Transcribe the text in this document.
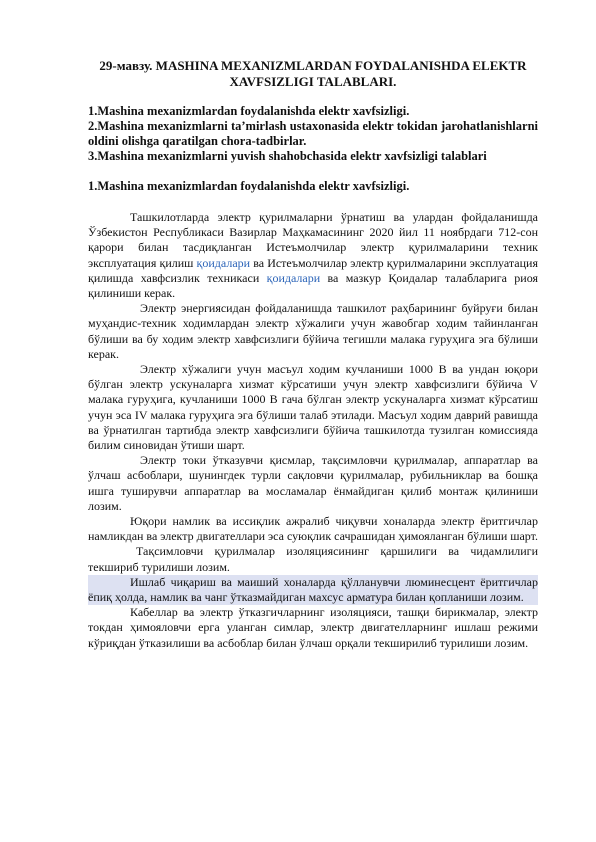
29-мавзу. MASHINA MEXANIZMLARDAN FOYDALANISHDA ELEKTR XAVFSIZLIGI TALABLARI.
1.Mashina mexanizmlardan foydalanishda elektr xavfsizligi.
2.Mashina mexanizmlarni ta’mirlash ustaxonasida elektr tokidan jarohatlanishlarni oldini olishga qaratilgan chora-tadbirlar.
3.Mashina mexanizmlarni yuvish shahobchasida elektr xavfsizligi talablari
1.Mashina mexanizmlardan foydalanishda elektr xavfsizligi.

Ташкилотларда электр қурилмаларни ўрнатиш ва улардан фойдаланишда Ўзбекистон Республикаси Вазирлар Маҳкамасининг 2020 йил 11 ноябрдаги 712-сон қарори билан тасдиқланган Истеъмолчилар электр қурилмаларини техник эксплуатация қилиш қоидалари ва Истеъмолчилар электр қурилмаларини эксплуатация қилишда хавфсизлик техникаси қоидалари ва мазкур Қоидалар талабларига риоя қилиниши керак.

Электр энергиясидан фойдаланишда ташкилот раҳбарининг буйруғи билан муҳандис-техник ходимлардан электр хўжалиги учун жавобгар ходим тайинланган бўлиши ва бу ходим электр хавфсизлиги бўйича тегишли малака гуруҳига эга бўлиши керак.

Электр хўжалиги учун масъул ходим кучланиши 1000 В ва ундан юқори бўлган электр ускуналарга хизмат кўрсатиши учун электр хавфсизлиги бўйича V малака гуруҳига, кучланиши 1000 В гача бўлган электр ускуналарга хизмат кўрсатиш учун эса IV малака гуруҳига эга бўлиши талаб этилади. Масъул ходим даврий равишда ва ўрнатилган тартибда электр хавфсизлиги бўйича ташкилотда тузилган комиссияда билим синовидан ўтиши шарт.

Электр токи ўтказувчи қисмлар, тақсимловчи қурилмалар, аппаратлар ва ўлчаш асбоблари, шунингдек турли сақловчи қурилмалар, рубильниклар ва бошқа ишга туширувчи аппаратлар ва мосламалар ёнмайдиган қилиб монтаж қилиниши лозим.

Юқори намлик ва иссиқлик ажралиб чиқувчи хоналарда электр ёритгичлар намликдан ва электр двигателлари эса суюқлик сачрашидан ҳимояланган бўлиши шарт.

Тақсимловчи қурилмалар изоляциясининг қаршилиги ва чидамлилиги текшириб турилиши лозим.

Ишлаб чиқариш ва маиший хоналарда қўлланувчи люминесцент ёритгичлар ёпиқ ҳолда, намлик ва чанг ўтказмайдиган махсус арматура билан қопланиши лозим.

Кабеллар ва электр ўтказгичларнинг изоляцияси, ташқи бирикмалар, электр токдан ҳимояловчи ерга уланган симлар, электр двигателларнинг ишлаш режими кўриқдан ўтказилиши ва асбоблар билан ўлчаш орқали текширилиб турилиши лозим.
